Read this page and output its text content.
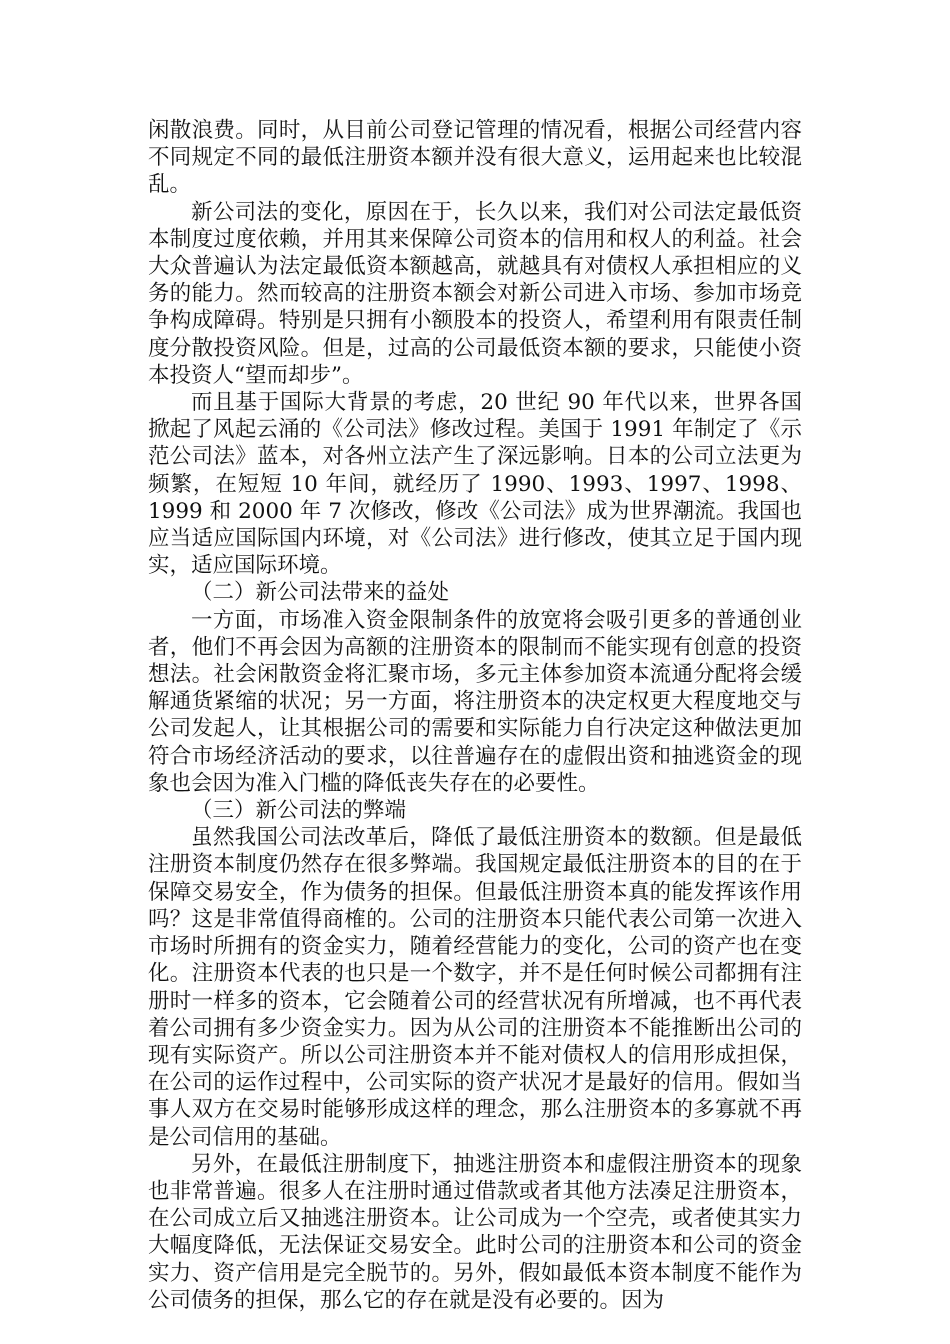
闲散浪费。同时，从目前公司登记管理的情况看，根据公司经营内容不同规定不同的最低注册资本额并没有很大意义，运用起来也比较混乱。

新公司法的变化，原因在于，长久以来，我们对公司法定最低资本制度过度依赖，并用其来保障公司资本的信用和权人的利益。社会大众普遍认为法定最低资本额越高，就越具有对债权人承担相应的义务的能力。然而较高的注册资本额会对新公司进入市场、参加市场竞争构成障碍。特别是只拥有小额股本的投资人，希望利用有限责任制度分散投资风险。但是，过高的公司最低资本额的要求，只能使小资本投资人“望而却步”。

而且基于国际大背景的考虑，20 世纪 90 年代以来，世界各国掀起了风起云涌的《公司法》修改过程。美国于 1991 年制定了《示范公司法》蓝本，对各州立法产生了深远影响。日本的公司立法更为频繁，在短短 10 年间，就经历了 1990、1993、1997、1998、1999 和 2000 年 7 次修改，修改《公司法》成为世界潮流。我国也应当适应国际国内环境，对《公司法》进行修改，使其立足于国内现实，适应国际环境。

（二）新公司法带来的益处

一方面，市场准入资金限制条件的放宽将会吸引更多的普通创业者，他们不再会因为高额的注册资本的限制而不能实现有创意的投资想法。社会闲散资金将汇聚市场，多元主体参加资本流通分配将会缓解通货紧缩的状况；另一方面，将注册资本的决定权更大程度地交与公司发起人，让其根据公司的需要和实际能力自行决定这种做法更加符合市场经济活动的要求，以往普遍存在的虚假出资和抽逃资金的现象也会因为准入门槛的降低丧失存在的必要性。

（三）新公司法的弊端

虽然我国公司法改革后，降低了最低注册资本的数额。但是最低注册资本制度仍然存在很多弊端。我国规定最低注册资本的目的在于保障交易安全，作为债务的担保。但最低注册资本真的能发挥该作用吗？这是非常值得商榷的。公司的注册资本只能代表公司第一次进入市场时所拥有的资金实力，随着经营能力的变化，公司的资产也在变化。注册资本代表的也只是一个数字，并不是任何时候公司都拥有注册时一样多的资本，它会随着公司的经营状况有所增减，也不再代表着公司拥有多少资金实力。因为从公司的注册资本不能推断出公司的现有实际资产。所以公司注册资本并不能对债权人的信用形成担保，在公司的运作过程中，公司实际的资产状况才是最好的信用。假如当事人双方在交易时能够形成这样的理念，那么注册资本的多寡就不再是公司信用的基础。

另外，在最低注册制度下，抽逃注册资本和虚假注册资本的现象也非常普遍。很多人在注册时通过借款或者其他方法凑足注册资本，在公司成立后又抽逃注册资本。让公司成为一个空壳，或者使其实力大幅度降低，无法保证交易安全。此时公司的注册资本和公司的资金实力、资产信用是完全脱节的。另外，假如最低本资本制度不能作为公司债务的担保，那么它的存在就是没有必要的。因为
